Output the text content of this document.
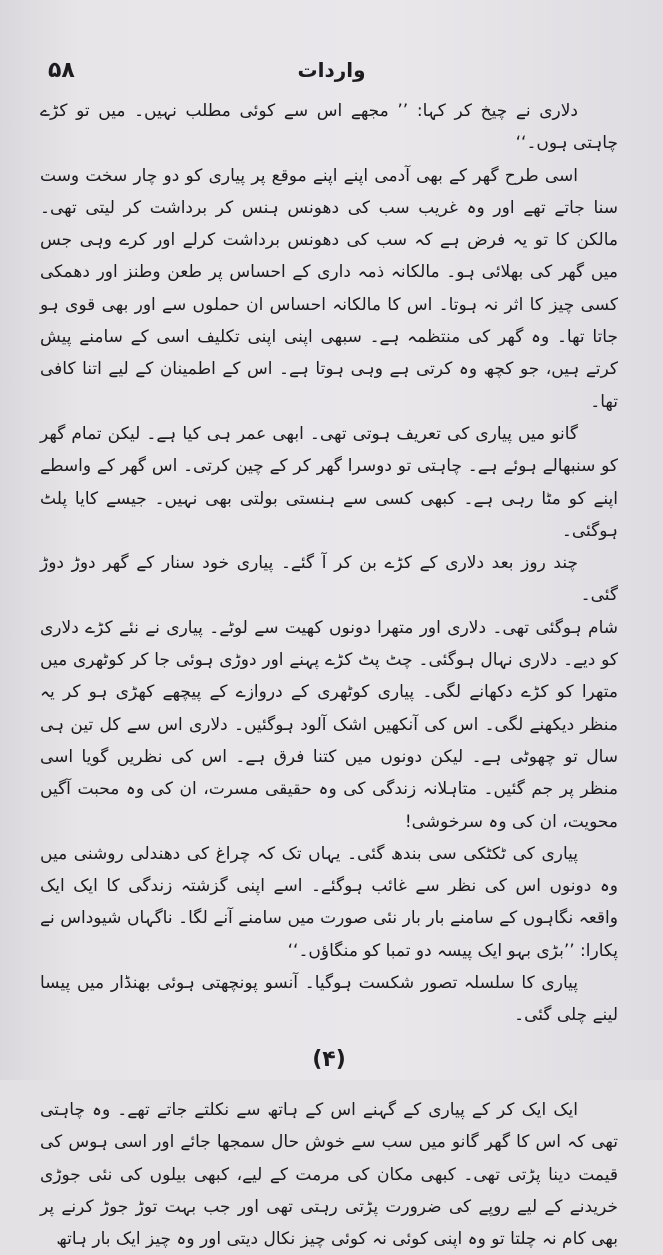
۵۸	واردات

دلاری نے چیخ کر کہا: ’’ مجھے اس سے کوئی مطلب نہیں۔ میں تو کڑے چاہتی ہوں۔‘‘

اسی طرح گھر کے بھی آدمی اپنے اپنے موقع پر پیاری کو دو چار سخت وست سنا جاتے تھے اور وہ غریب سب کی دھونس ہنس کر برداشت کر لیتی تھی۔ مالکن کا تو یہ فرض ہے کہ سب کی دھونس برداشت کرلے اور کرے وہی جس میں گھر کی بھلائی ہو۔ مالکانہ ذمہ داری کے احساس پر طعن وطنز اور دھمکی کسی چیز کا اثر نہ ہوتا۔ اس کا مالکانہ احساس ان حملوں سے اور بھی قوی ہو جاتا تھا۔ وہ گھر کی منتظمہ ہے۔ سبھی اپنی اپنی تکلیف اسی کے سامنے پیش کرتے ہیں، جو کچھ وہ کرتی ہے وہی ہوتا ہے۔ اس کے اطمینان کے لیے اتنا کافی تھا۔

گانو میں پیاری کی تعریف ہوتی تھی۔ ابھی عمر ہی کیا ہے۔ لیکن تمام گھر کو سنبھالے ہوئے ہے۔ چاہتی تو دوسرا گھر کر کے چین کرتی۔ اس گھر کے واسطے اپنے کو مٹا رہی ہے۔ کبھی کسی سے ہنستی بولتی بھی نہیں۔ جیسے کایا پلٹ ہوگئی۔

چند روز بعد دلاری کے کڑے بن کر آ گئے۔ پیاری خود سنار کے گھر دوڑ دوڑ گئی۔

شام ہوگئی تھی۔ دلاری اور متھرا دونوں کھیت سے لوٹے۔ پیاری نے نئے کڑے دلاری کو دیے۔ دلاری نہال ہوگئی۔ چٹ پٹ کڑے پہنے اور دوڑی ہوئی جا کر کوٹھری میں متھرا کو کڑے دکھانے لگی۔ پیاری کوٹھری کے دروازے کے پیچھے کھڑی ہو کر یہ منظر دیکھنے لگی۔ اس کی آنکھیں اشک آلود ہوگئیں۔ دلاری اس سے کل تین ہی سال تو چھوٹی ہے۔ لیکن دونوں میں کتنا فرق ہے۔ اس کی نظریں گویا اسی منظر پر جم گئیں۔ متاہلانہ زندگی کی وہ حقیقی مسرت، ان کی وہ محبت آگیں محویت، ان کی وہ سرخوشی!

پیاری کی ٹکٹکی سی بندھ گئی۔ یہاں تک کہ چراغ کی دھندلی روشنی میں وہ دونوں اس کی نظر سے غائب ہوگئے۔ اسے اپنی گزشتہ زندگی کا ایک ایک واقعہ نگاہوں کے سامنے بار بار نئی صورت میں سامنے آنے لگا۔ ناگہاں شیوداس نے پکارا: ’’بڑی بہو ایک پیسہ دو تمبا کو منگاؤں۔‘‘

پیاری کا سلسلہ تصور شکست ہوگیا۔ آنسو پونچھتی ہوئی بھنڈار میں پیسا لینے چلی گئی۔

(۴)

ایک ایک کر کے پیاری کے گہنے اس کے ہاتھ سے نکلتے جاتے تھے۔ وہ چاہتی تھی کہ اس کا گھر گانو میں سب سے خوش حال سمجھا جائے اور اسی ہوس کی قیمت دینا پڑتی تھی۔ کبھی مکان کی مرمت کے لیے، کبھی بیلوں کی نئی جوڑی خریدنے کے لیے روپے کی ضرورت پڑتی رہتی تھی اور جب بہت توڑ جوڑ کرنے پر بھی کام نہ چلتا تو وہ اپنی کوئی نہ کوئی چیز نکال دیتی اور وہ چیز ایک بار ہاتھ
